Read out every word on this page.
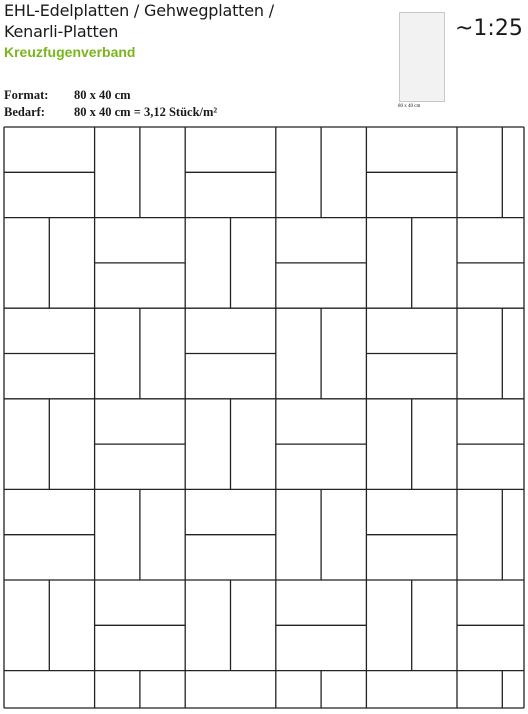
EHL-Edelplatten / Gehwegplatten /
Kenarli-Platten
Kreuzfugenverband
Format: 80 x 40 cm
Bedarf: 80 x 40 cm = 3,12 Stück/m²	80 x 40 cm
~1:25
